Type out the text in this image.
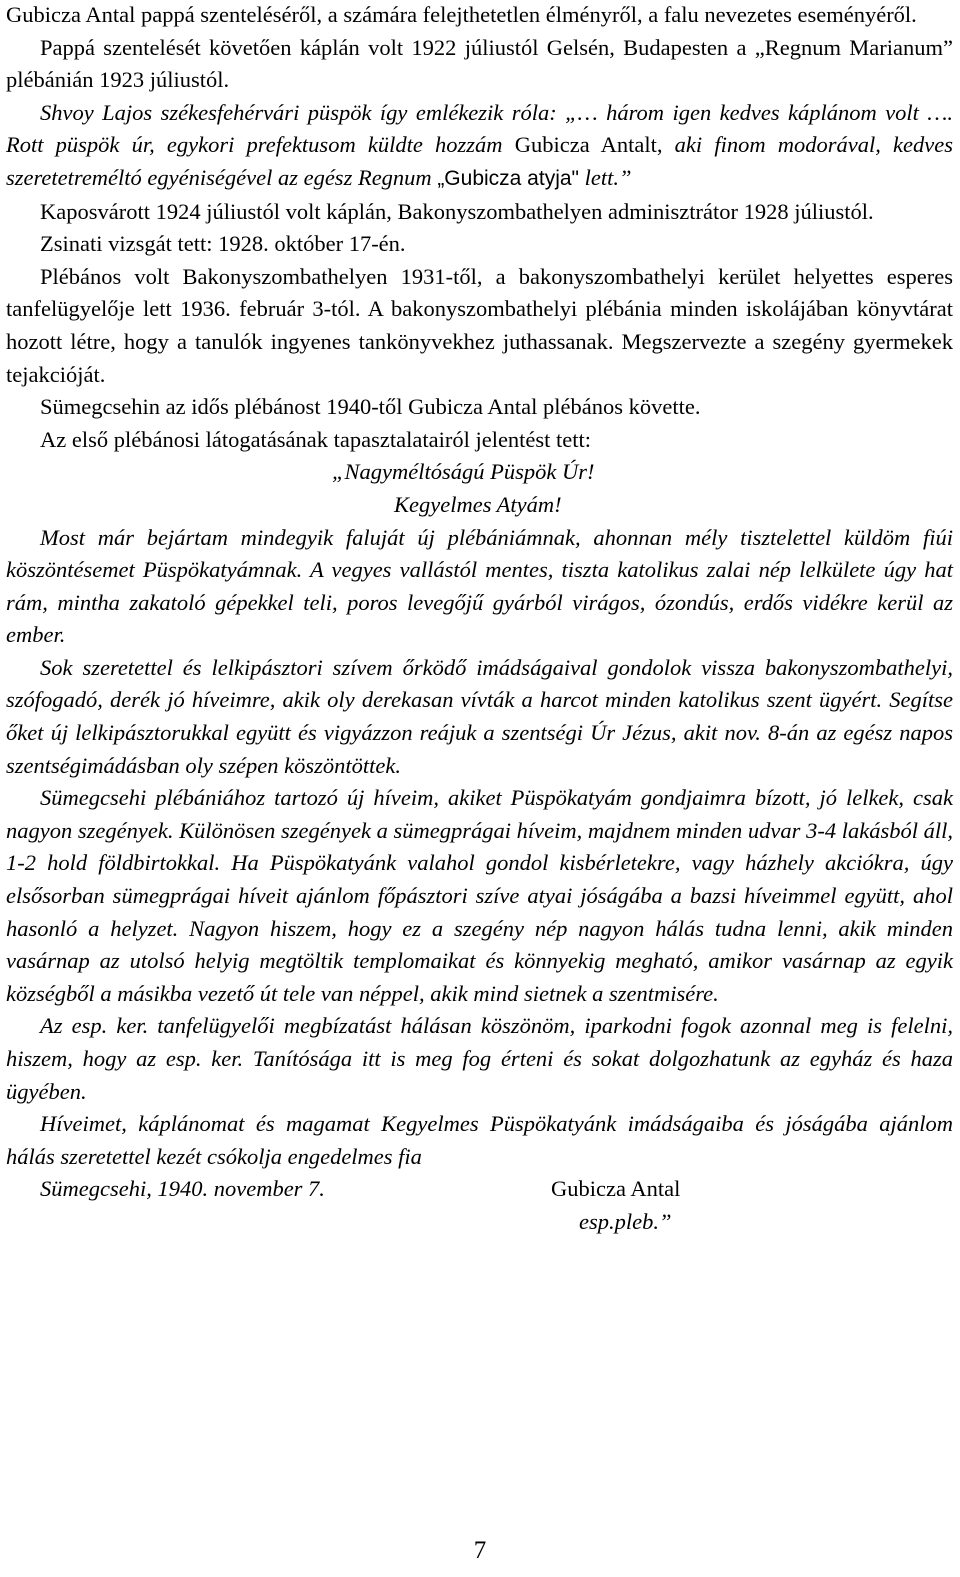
Gubicza Antal pappá szenteléséről, a számára felejthetetlen élményről, a falu nevezetes eseményéről.

Pappá szentelését követően káplán volt 1922 júliustól Gelsén, Budapesten a „Regnum Marianum” plébánián 1923 júliustól.

Shvoy Lajos székesfehérvári püspök így emlékezik róla: „… három igen kedves káplánom volt …. Rott püspök úr, egykori prefektusom küldte hozzám Gubicza Antalt, aki finom modorával, kedves szeretetreméltó egyéniségével az egész Regnum „Gubicza atyja" lett.”

Kaposvárott 1924 júliustól volt káplán, Bakonyszombathelyen adminisztrátor 1928 júliustól.

Zsinati vizsgát tett: 1928. október 17-én.

Plébános volt Bakonyszombathelyen 1931-től, a bakonyszombathelyi kerület helyettes esperes tanfelügyelője lett 1936. február 3-tól. A bakonyszombathelyi plébánia minden iskolájában könyvtárat hozott létre, hogy a tanulók ingyenes tankönyvekhez juthassanak. Megszervezte a szegény gyermekek tejakcióját.

Sümegcsehin az idős plébánost 1940-től Gubicza Antal plébános követte.

Az első plébánosi látogatásának tapasztalatairól jelentést tett:

„Nagyméltóságú Püspök Úr!
Kegyelmes Atyám!

Most már bejártam mindegyik faluját új plébániámnak, ahonnan mély tisztelettel küldöm fiúi köszöntésemet Püspökatyámnak. A vegyes vallástól mentes, tiszta katolikus zalai nép lelkülete úgy hat rám, mintha zakatoló gépekkel teli, poros levegőjű gyárból virágos, ózondús, erdős vidékre kerül az ember.

Sok szeretettel és lelkipásztori szívem őrködő imádságaival gondolok vissza bakonyszombathelyi, szófogadó, derék jó híveimre, akik oly derekasan vívták a harcot minden katolikus szent ügyért. Segítse őket új lelkipásztorukkal együtt és vigyázzon reájuk a szentségi Úr Jézus, akit nov. 8-án az egész napos szentségimádásban oly szépen köszöntöttek.

Sümegcsehi plébániához tartozó új híveim, akiket Püspökatyám gondjaimra bízott, jó lelkek, csak nagyon szegények. Különösen szegények a sümegprágai híveim, majdnem minden udvar 3-4 lakásból áll, 1-2 hold földbirtokkal. Ha Püspökatyánk valahol gondol kisbérletekre, vagy házhely akciókra, úgy elsősorban sümegprágai híveit ajánlom főpásztori szíve atyai jóságába a bazsi híveimmel együtt, ahol hasonló a helyzet. Nagyon hiszem, hogy ez a szegény nép nagyon hálás tudna lenni, akik minden vasárnap az utolsó helyig megtöltik templomaikat és könnyekig megható, amikor vasárnap az egyik községből a másikba vezető út tele van néppel, akik mind sietnek a szentmisére.

Az esp. ker. tanfelügyelői megbízatást hálásan köszönöm, iparkodni fogok azonnal meg is felelni, hiszem, hogy az esp. ker. Tanítósága itt is meg fog érteni és sokat dolgozhatunk az egyház és haza ügyében.

Híveimet, káplánomat és magamat Kegyelmes Püspökatyánk imádságaiba és jóságába ajánlom hálás szeretettel kezét csókolja engedelmes fia

Sümegcsehi, 1940. november 7.	Gubicza Antal
esp.pleb.”
7
